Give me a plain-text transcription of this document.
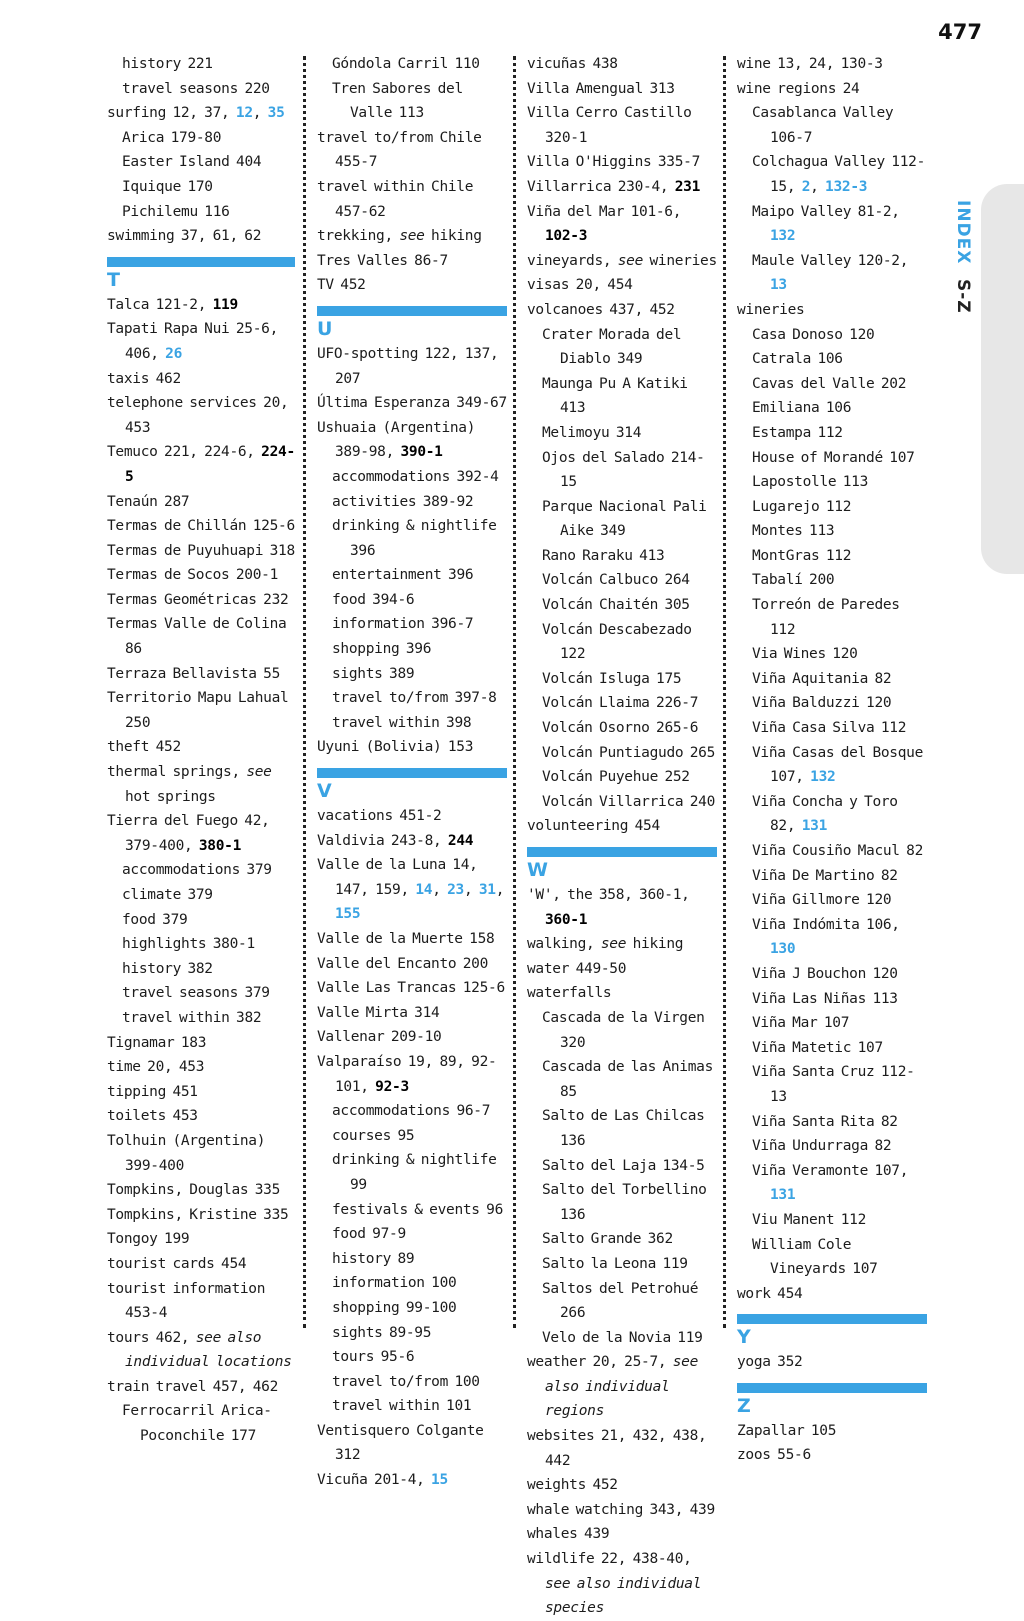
477
INDEX S-Z
history 221
travel seasons 220
surfing 12, 37, 12, 35
Arica 179-80
Easter Island 404
Iquique 170
Pichilemu 116
swimming 37, 61, 62
T
Talca 121-2, 119
Tapati Rapa Nui 25-6, 406, 26
taxis 462
telephone services 20, 453
Temuco 221, 224-6, 224-5
Tenaún 287
Termas de Chillán 125-6
Termas de Puyuhuapi 318
Termas de Socos 200-1
Termas Geométricas 232
Termas Valle de Colina 86
Terraza Bellavista 55
Territorio Mapu Lahual 250
theft 452
thermal springs, see hot springs
Tierra del Fuego 42, 379-400, 380-1
accommodations 379
climate 379
food 379
highlights 380-1
history 382
travel seasons 379
travel within 382
Tignamar 183
time 20, 453
tipping 451
toilets 453
Tolhuin (Argentina) 399-400
Tompkins, Douglas 335
Tompkins, Kristine 335
Tongoy 199
tourist cards 454
tourist information 453-4
tours 462, see also individual locations
train travel 457, 462
Ferrocarril Arica-Poconchile 177
Góndola Carril 110
Tren Sabores del Valle 113
travel to/from Chile 455-7
travel within Chile 457-62
trekking, see hiking
Tres Valles 86-7
TV 452
U
UFO-spotting 122, 137, 207
Última Esperanza 349-67
Ushuaia (Argentina) 389-98, 390-1
accommodations 392-4
activities 389-92
drinking & nightlife 396
entertainment 396
food 394-6
information 396-7
shopping 396
sights 389
travel to/from 397-8
travel within 398
Uyuni (Bolivia) 153
V
vacations 451-2
Valdivia 243-8, 244
Valle de la Luna 14, 147, 159, 14, 23, 31, 155
Valle de la Muerte 158
Valle del Encanto 200
Valle Las Trancas 125-6
Valle Mirta 314
Vallenar 209-10
Valparaíso 19, 89, 92-101, 92-3
accommodations 96-7
courses 95
drinking & nightlife 99
festivals & events 96
food 97-9
history 89
information 100
shopping 99-100
sights 89-95
tours 95-6
travel to/from 100
travel within 101
Ventisquero Colgante 312
Vicuña 201-4, 15
vicuñas 438
Villa Amengual 313
Villa Cerro Castillo 320-1
Villa O'Higgins 335-7
Villarrica 230-4, 231
Viña del Mar 101-6, 102-3
vineyards, see wineries
visas 20, 454
volcanoes 437, 452
Crater Morada del Diablo 349
Maunga Pu A Katiki 413
Melimoyu 314
Ojos del Salado 214-15
Parque Nacional Pali Aike 349
Rano Raraku 413
Volcán Calbuco 264
Volcán Chaitén 305
Volcán Descabezado 122
Volcán Isluga 175
Volcán Llaima 226-7
Volcán Osorno 265-6
Volcán Puntiagudo 265
Volcán Puyehue 252
Volcán Villarrica 240
volunteering 454
W
'W', the 358, 360-1, 360-1
walking, see hiking
water 449-50
waterfalls
Cascada de la Virgen 320
Cascada de las Animas 85
Salto de Las Chilcas 136
Salto del Laja 134-5
Salto del Torbellino 136
Salto Grande 362
Salto la Leona 119
Saltos del Petrohué 266
Velo de la Novia 119
weather 20, 25-7, see also individual regions
websites 21, 432, 438, 442
weights 452
whale watching 343, 439
whales 439
wildlife 22, 438-40, see also individual species
wine 13, 24, 130-3
wine regions 24
Casablanca Valley 106-7
Colchagua Valley 112-15, 2, 132-3
Maipo Valley 81-2, 132
Maule Valley 120-2, 13
wineries
Casa Donoso 120
Catrala 106
Cavas del Valle 202
Emiliana 106
Estampa 112
House of Morandé 107
Lapostolle 113
Lugarejo 112
Montes 113
MontGras 112
Tabalí 200
Torreón de Paredes 112
Via Wines 120
Viña Aquitania 82
Viña Balduzzi 120
Viña Casa Silva 112
Viña Casas del Bosque 107, 132
Viña Concha y Toro 82, 131
Viña Cousiño Macul 82
Viña De Martino 82
Viña Gillmore 120
Viña Indómita 106, 130
Viña J Bouchon 120
Viña Las Niñas 113
Viña Mar 107
Viña Matetic 107
Viña Santa Cruz 112-13
Viña Santa Rita 82
Viña Undurraga 82
Viña Veramonte 107, 131
Viu Manent 112
William Cole Vineyards 107
work 454
Y
yoga 352
Z
Zapallar 105
zoos 55-6
